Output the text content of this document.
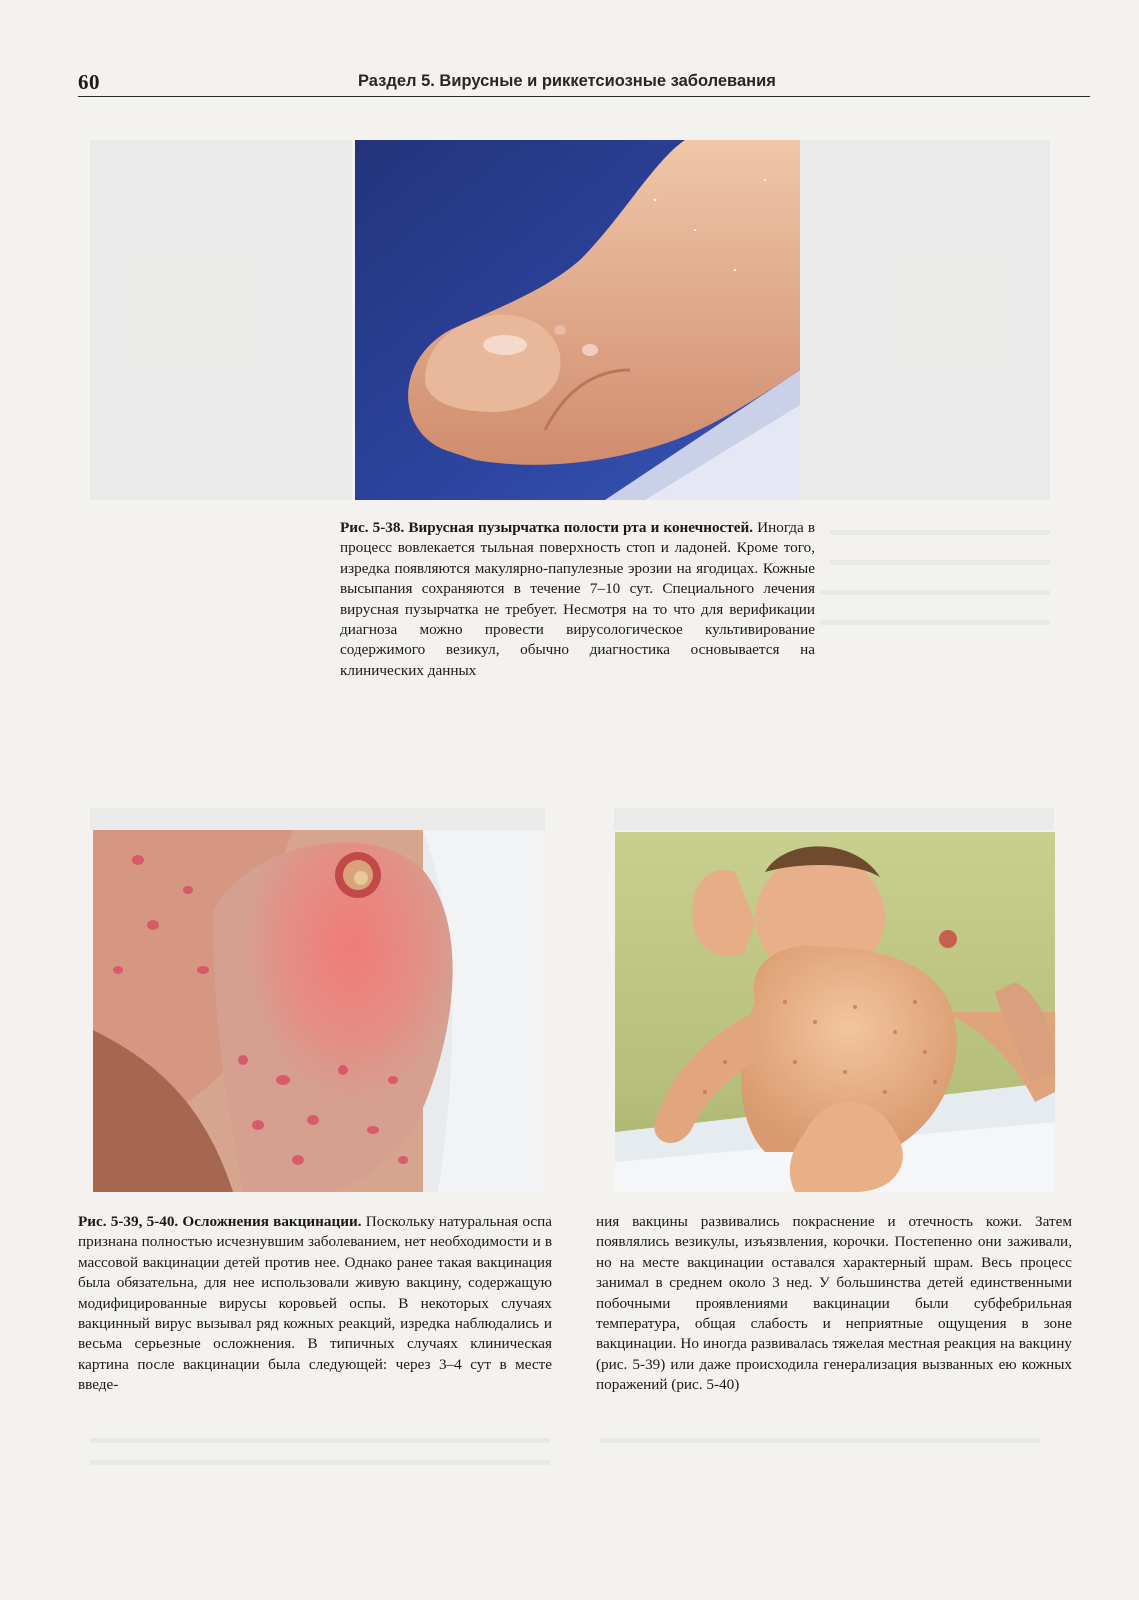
60	Раздел 5. Вирусные и риккетсиозные заболевания

Рис. 5-38. Вирусная пузырчатка полости рта и конечностей. Иногда в процесс вовлекается тыльная поверхность стоп и ладоней. Кроме того, изредка появляются макулярно-папулезные эрозии на ягодицах. Кожные высыпания сохраняются в течение 7–10 сут. Специального лечения вирусная пузырчатка не требует. Несмотря на то что для верификации диагноза можно провести вирусологическое культивирование содержимого везикул, обычно диагностика основывается на клинических данных

Рис. 5-39, 5-40. Осложнения вакцинации. Поскольку натуральная оспа признана полностью исчезнувшим заболеванием, нет необходимости и в массовой вакцинации детей против нее. Однако ранее такая вакцинация была обязательна, для нее использовали живую вакцину, содержащую модифицированные вирусы коровьей оспы. В некоторых случаях вакцинный вирус вызывал ряд кожных реакций, изредка наблюдались и весьма серьезные осложнения. В типичных случаях клиническая картина после вакцинации была следующей: через 3–4 сут в месте введе-

ния вакцины развивались покраснение и отечность кожи. Затем появлялись везикулы, изъязвления, корочки. Постепенно они заживали, но на месте вакцинации оставался характерный шрам. Весь процесс занимал в среднем около 3 нед. У большинства детей единственными побочными проявлениями вакцинации были субфебрильная температура, общая слабость и неприятные ощущения в зоне вакцинации. Но иногда развивалась тяжелая местная реакция на вакцину (рис. 5-39) или даже происходила генерализация вызванных ею кожных поражений (рис. 5-40)
